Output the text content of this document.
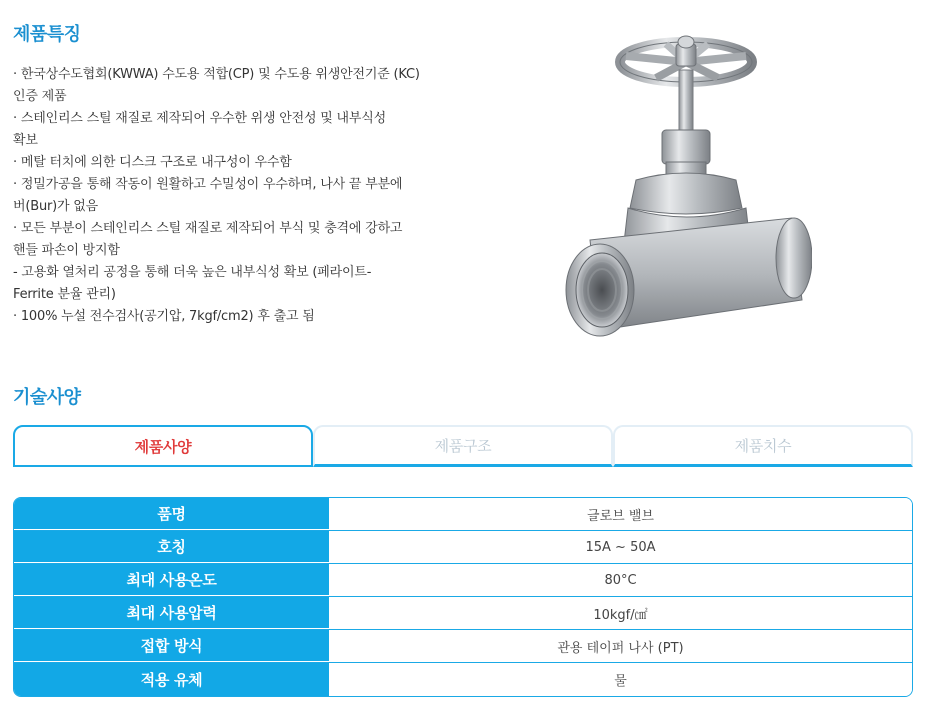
제품특징
· 한국상수도협회(KWWA) 수도용 적합(CP) 및 수도용 위생안전기준 (KC)
인증 제품
· 스테인리스 스틸 재질로 제작되어 우수한 위생 안전성 및 내부식성
확보
· 메탈 터치에 의한 디스크 구조로 내구성이 우수함
· 정밀가공을 통해 작동이 원활하고 수밀성이 우수하며, 나사 끝 부분에
버(Bur)가 없음
· 모든 부분이 스테인리스 스틸 재질로 제작되어 부식 및 충격에 강하고
핸들 파손이 방지함
- 고용화 열처리 공정을 통해 더욱 높은 내부식성 확보 (페라이트-
Ferrite 분율 관리)
· 100% 누설 전수검사(공기압, 7kgf/cm2) 후 출고 됨
기술사양
제품사양	제품구조	제품치수
품명	글로브 밸브
호칭	15A ~ 50A
최대 사용온도	80°C
최대 사용압력	10kgf/㎠
접합 방식	관용 테이퍼 나사 (PT)
적용 유체	물
